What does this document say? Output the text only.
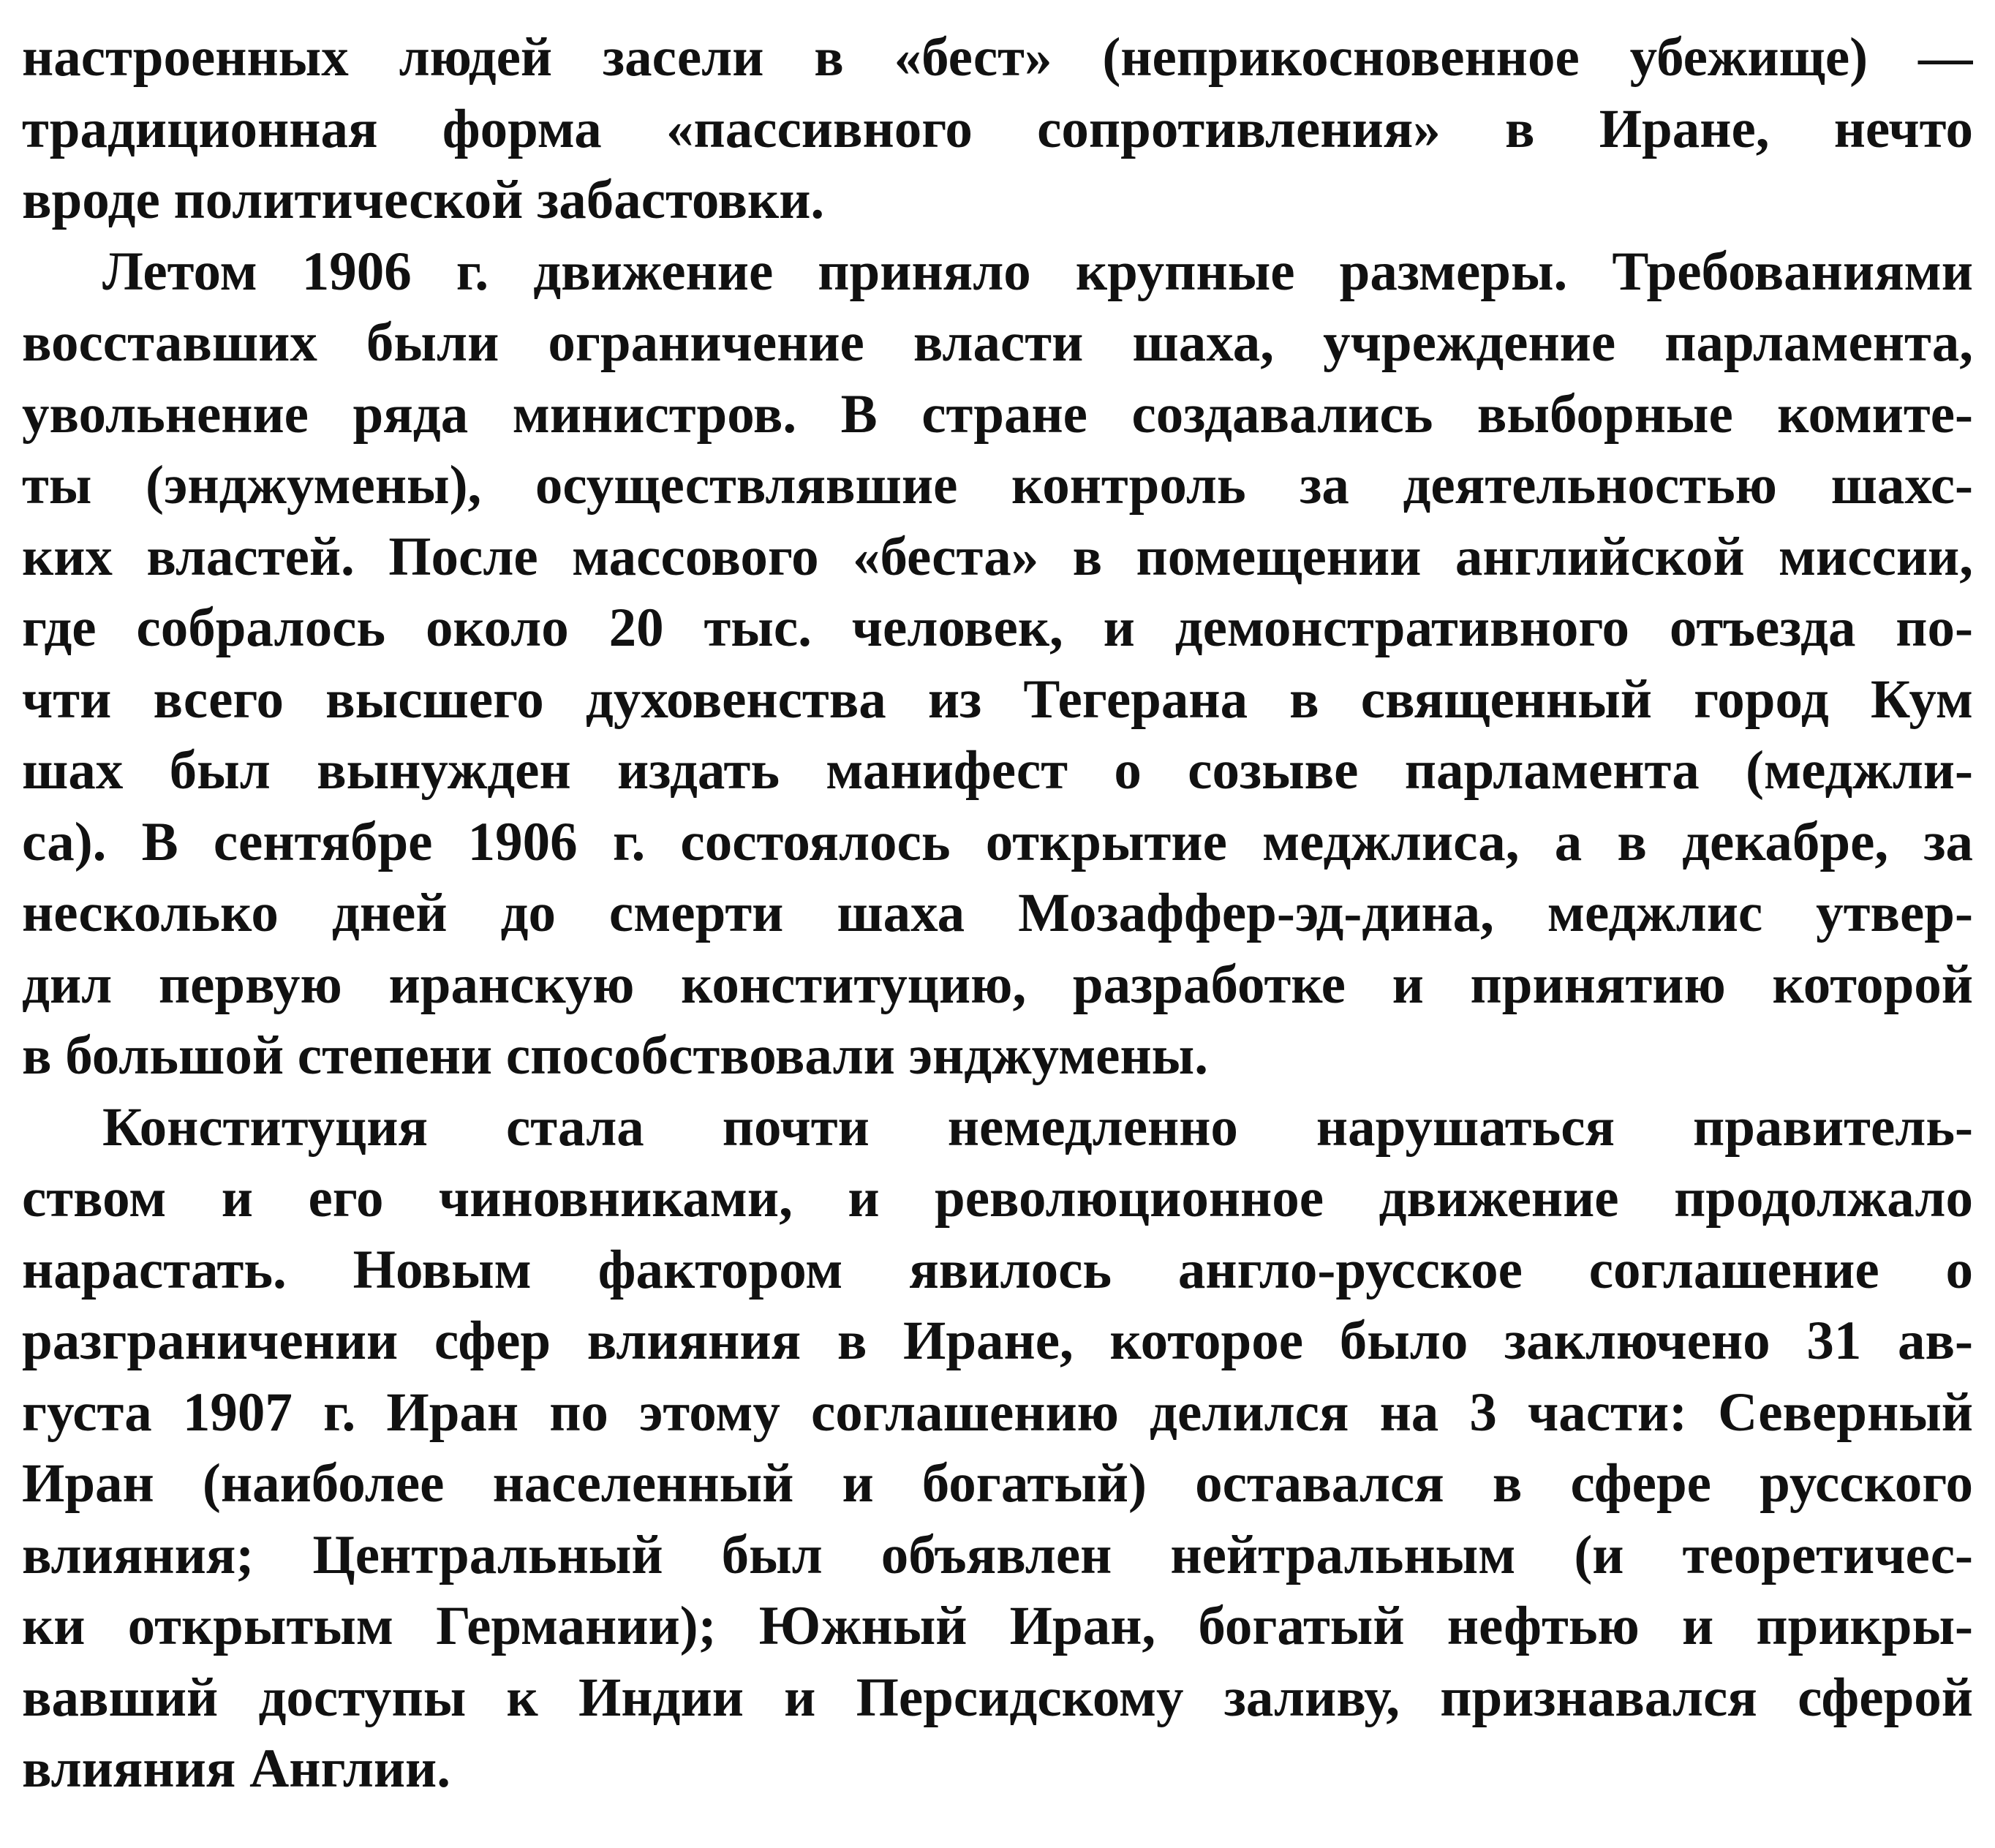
настроенных людей засели в «бест» (неприкосновенное убежище) —
традиционная форма «пассивного сопротивления» в Иране, нечто
вроде политической забастовки.
Летом 1906 г. движение приняло крупные размеры. Требованиями
восставших были ограничение власти шаха, учреждение парламента,
увольнение ряда министров. В стране создавались выборные комите-
ты (энджумены), осуществлявшие контроль за деятельностью шахс-
ких властей. После массового «беста» в помещении английской миссии,
где собралось около 20 тыс. человек, и демонстративного отъезда по-
чти всего высшего духовенства из Тегерана в священный город Кум
шах был вынужден издать манифест о созыве парламента (меджли-
са). В сентябре 1906 г. состоялось открытие меджлиса, а в декабре, за
несколько дней до смерти шаха Мозаффер-эд-дина, меджлис утвер-
дил первую иранскую конституцию, разработке и принятию которой
в большой степени способствовали энджумены.
Конституция стала почти немедленно нарушаться правитель-
ством и его чиновниками, и революционное движение продолжало
нарастать. Новым фактором явилось англо-русское соглашение о
разграничении сфер влияния в Иране, которое было заключено 31 ав-
густа 1907 г. Иран по этому соглашению делился на 3 части: Северный
Иран (наиболее населенный и богатый) оставался в сфере русского
влияния; Центральный был объявлен нейтральным (и теоретичес-
ки открытым Германии); Южный Иран, богатый нефтью и прикры-
вавший доступы к Индии и Персидскому заливу, признавался сферой
влияния Англии.
